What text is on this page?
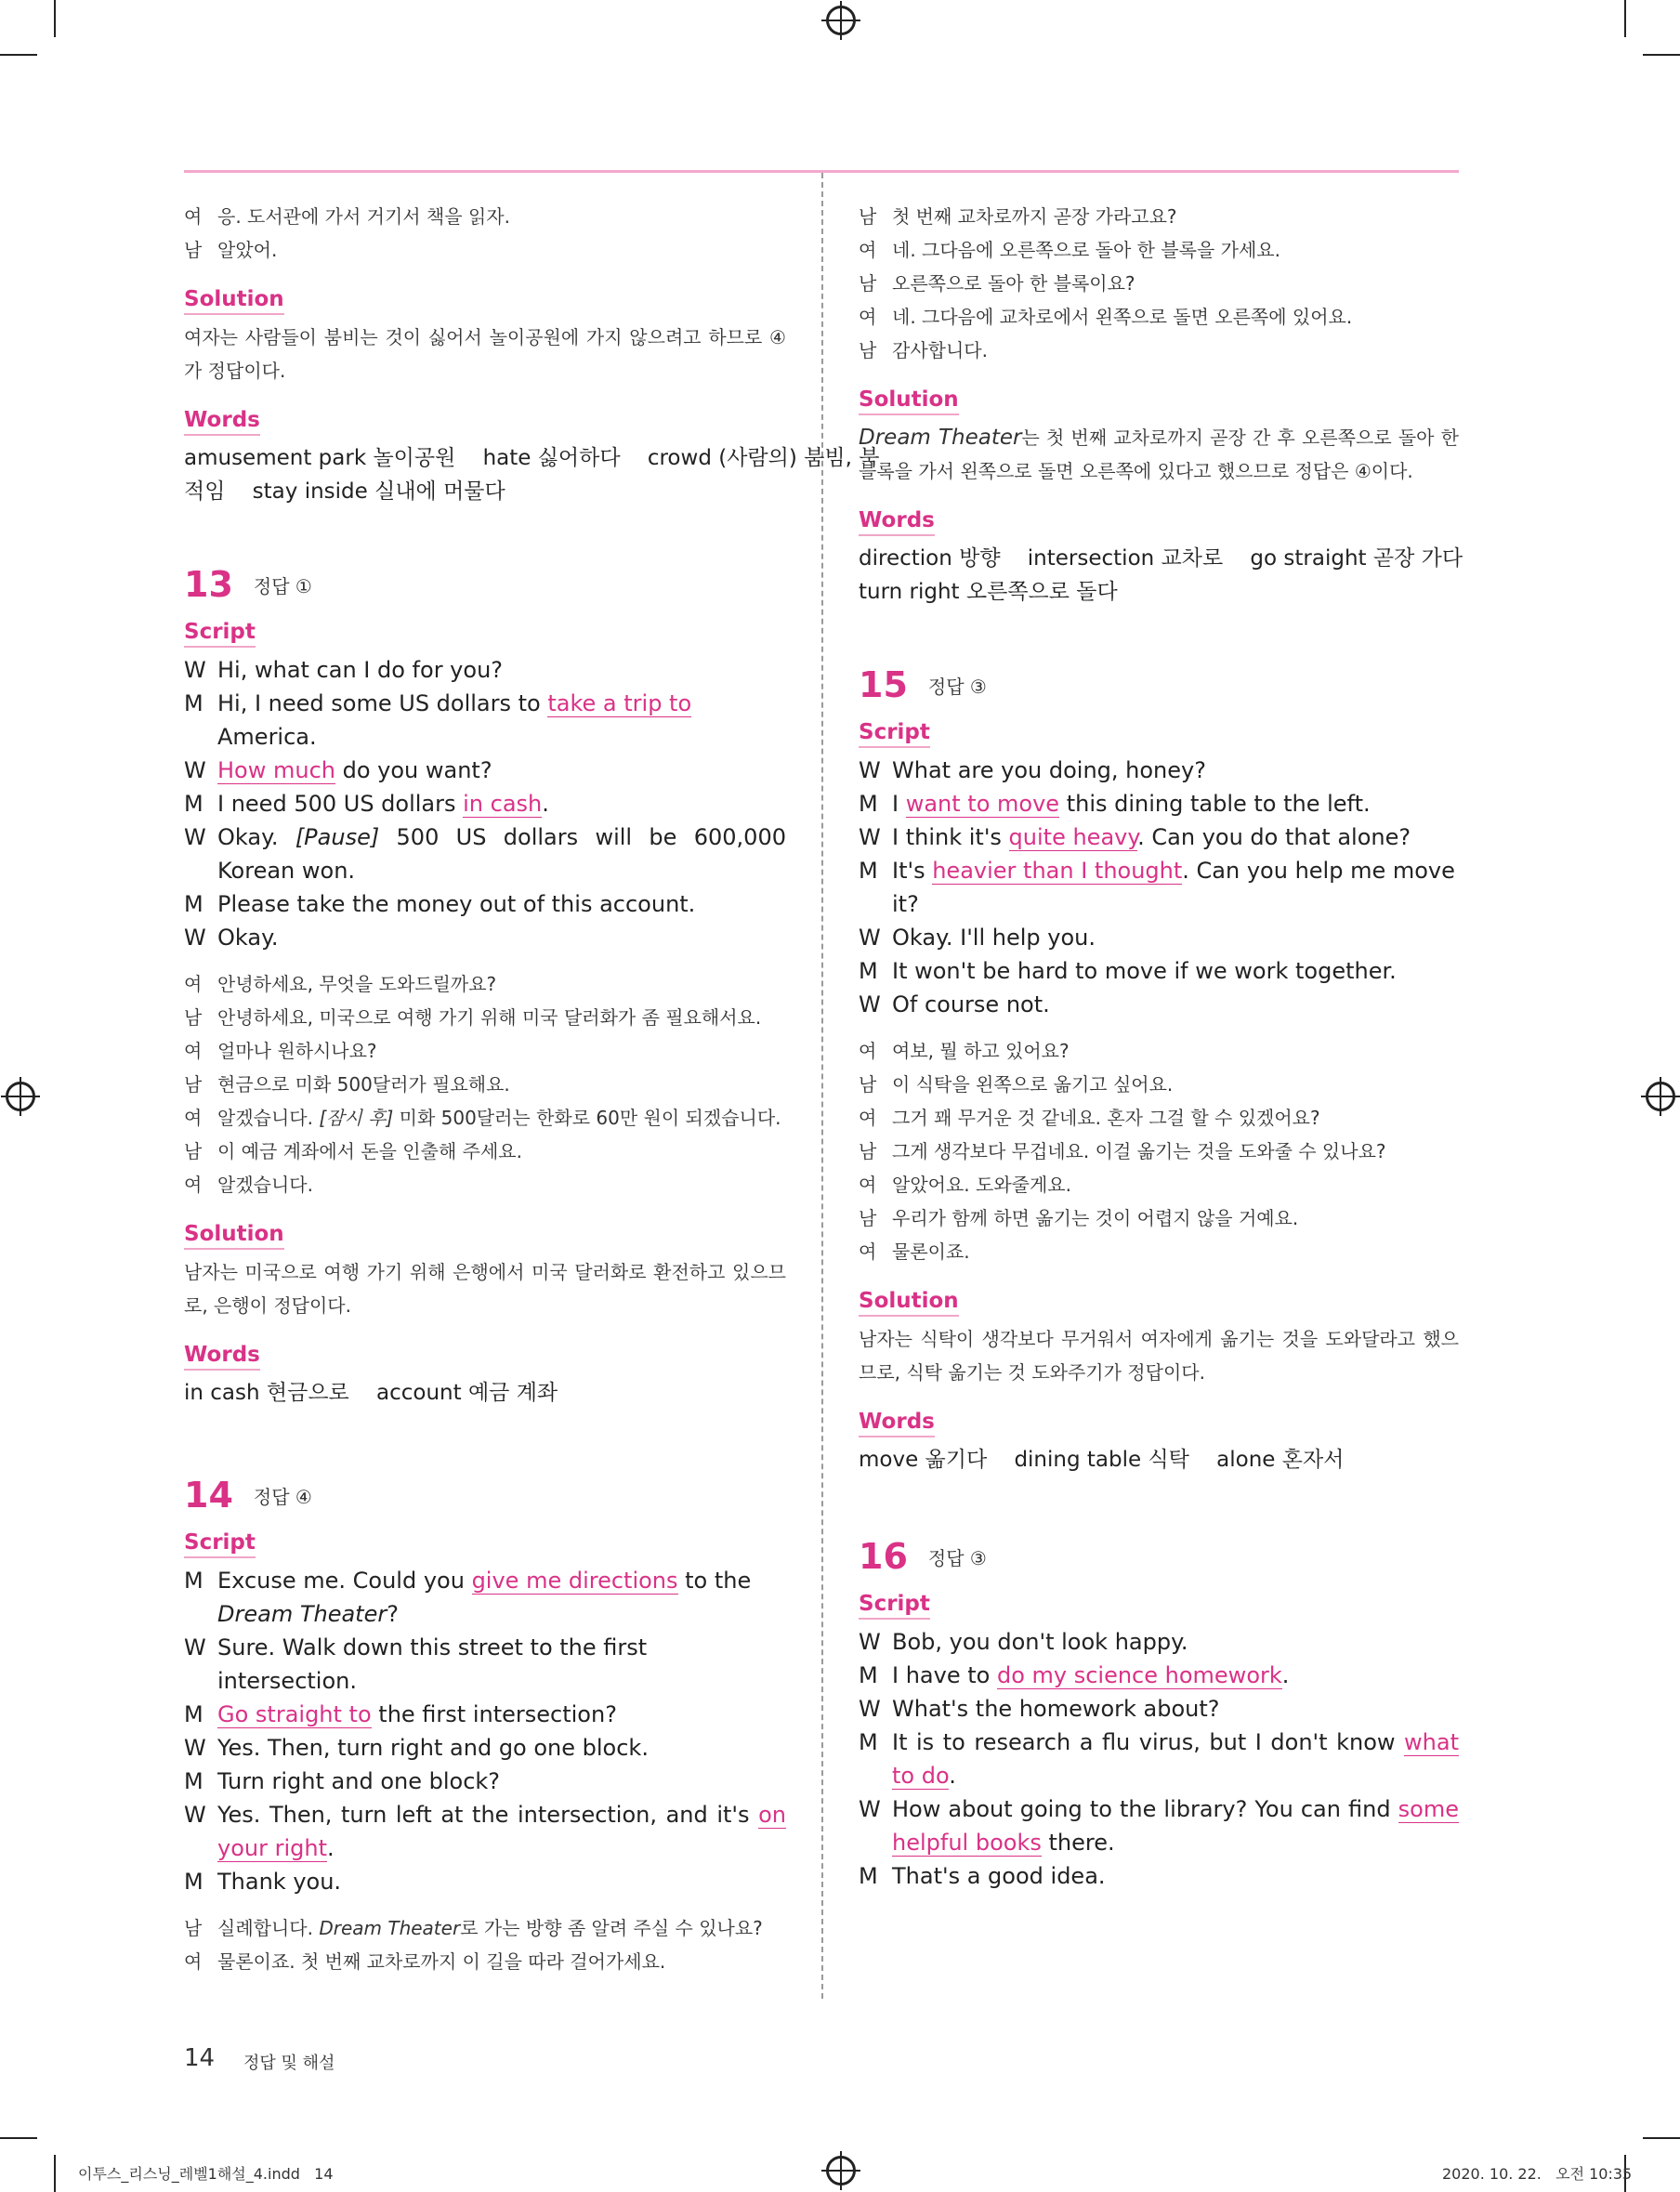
여 응. 도서관에 가서 거기서 책을 읽자.
남 알았어.
Solution
여자는 사람들이 붐비는 것이 싫어서 놀이공원에 가지 않으려고 하므로 ④가 정답이다.
Words
amusement park 놀이공원    hate 싫어하다    crowd (사람의) 붐빔, 북
적임    stay inside 실내에 머물다
13 정답 ①
Script
W Hi, what can I do for you?
M Hi, I need some US dollars to take a trip to America.
W How much do you want?
M I need 500 US dollars in cash.
W Okay. [Pause] 500 US dollars will be 600,000 Korean won.
M Please take the money out of this account.
W Okay.
여 안녕하세요, 무엇을 도와드릴까요?
남 안녕하세요, 미국으로 여행 가기 위해 미국 달러화가 좀 필요해서요.
여 얼마나 원하시나요?
남 현금으로 미화 500달러가 필요해요.
여 알겠습니다. [잠시 후] 미화 500달러는 한화로 60만 원이 되겠습니다.
남 이 예금 계좌에서 돈을 인출해 주세요.
여 알겠습니다.
Solution
남자는 미국으로 여행 가기 위해 은행에서 미국 달러화로 환전하고 있으므로, 은행이 정답이다.
Words
in cash 현금으로    account 예금 계좌
14 정답 ④
Script
M Excuse me. Could you give me directions to the Dream Theater?
W Sure. Walk down this street to the first intersection.
M Go straight to the first intersection?
W Yes. Then, turn right and go one block.
M Turn right and one block?
W Yes. Then, turn left at the intersection, and it's on your right.
M Thank you.
남 실례합니다. Dream Theater로 가는 방향 좀 알려 주실 수 있나요?
여 물론이죠. 첫 번째 교차로까지 이 길을 따라 걸어가세요.
남 첫 번째 교차로까지 곧장 가라고요?
여 네. 그다음에 오른쪽으로 돌아 한 블록을 가세요.
남 오른쪽으로 돌아 한 블록이요?
여 네. 그다음에 교차로에서 왼쪽으로 돌면 오른쪽에 있어요.
남 감사합니다.
Solution
Dream Theater는 첫 번째 교차로까지 곧장 간 후 오른쪽으로 돌아 한 블록을 가서 왼쪽으로 돌면 오른쪽에 있다고 했으므로 정답은 ④이다.
Words
direction 방향    intersection 교차로    go straight 곧장 가다
turn right 오른쪽으로 돌다
15 정답 ③
Script
W What are you doing, honey?
M I want to move this dining table to the left.
W I think it's quite heavy. Can you do that alone?
M It's heavier than I thought. Can you help me move it?
W Okay. I'll help you.
M It won't be hard to move if we work together.
W Of course not.
여 여보, 뭘 하고 있어요?
남 이 식탁을 왼쪽으로 옮기고 싶어요.
여 그거 꽤 무거운 것 같네요. 혼자 그걸 할 수 있겠어요?
남 그게 생각보다 무겁네요. 이걸 옮기는 것을 도와줄 수 있나요?
여 알았어요. 도와줄게요.
남 우리가 함께 하면 옮기는 것이 어렵지 않을 거예요.
여 물론이죠.
Solution
남자는 식탁이 생각보다 무거워서 여자에게 옮기는 것을 도와달라고 했으므로, 식탁 옮기는 것 도와주기가 정답이다.
Words
move 옮기다    dining table 식탁    alone 혼자서
16 정답 ③
Script
W Bob, you don't look happy.
M I have to do my science homework.
W What's the homework about?
M It is to research a flu virus, but I don't know what to do.
W How about going to the library? You can find some helpful books there.
M That's a good idea.
14 정답 및 해설
이투스_리스닝_레벨1해설_4.indd   14	2020. 10. 22.   오전 10:35
